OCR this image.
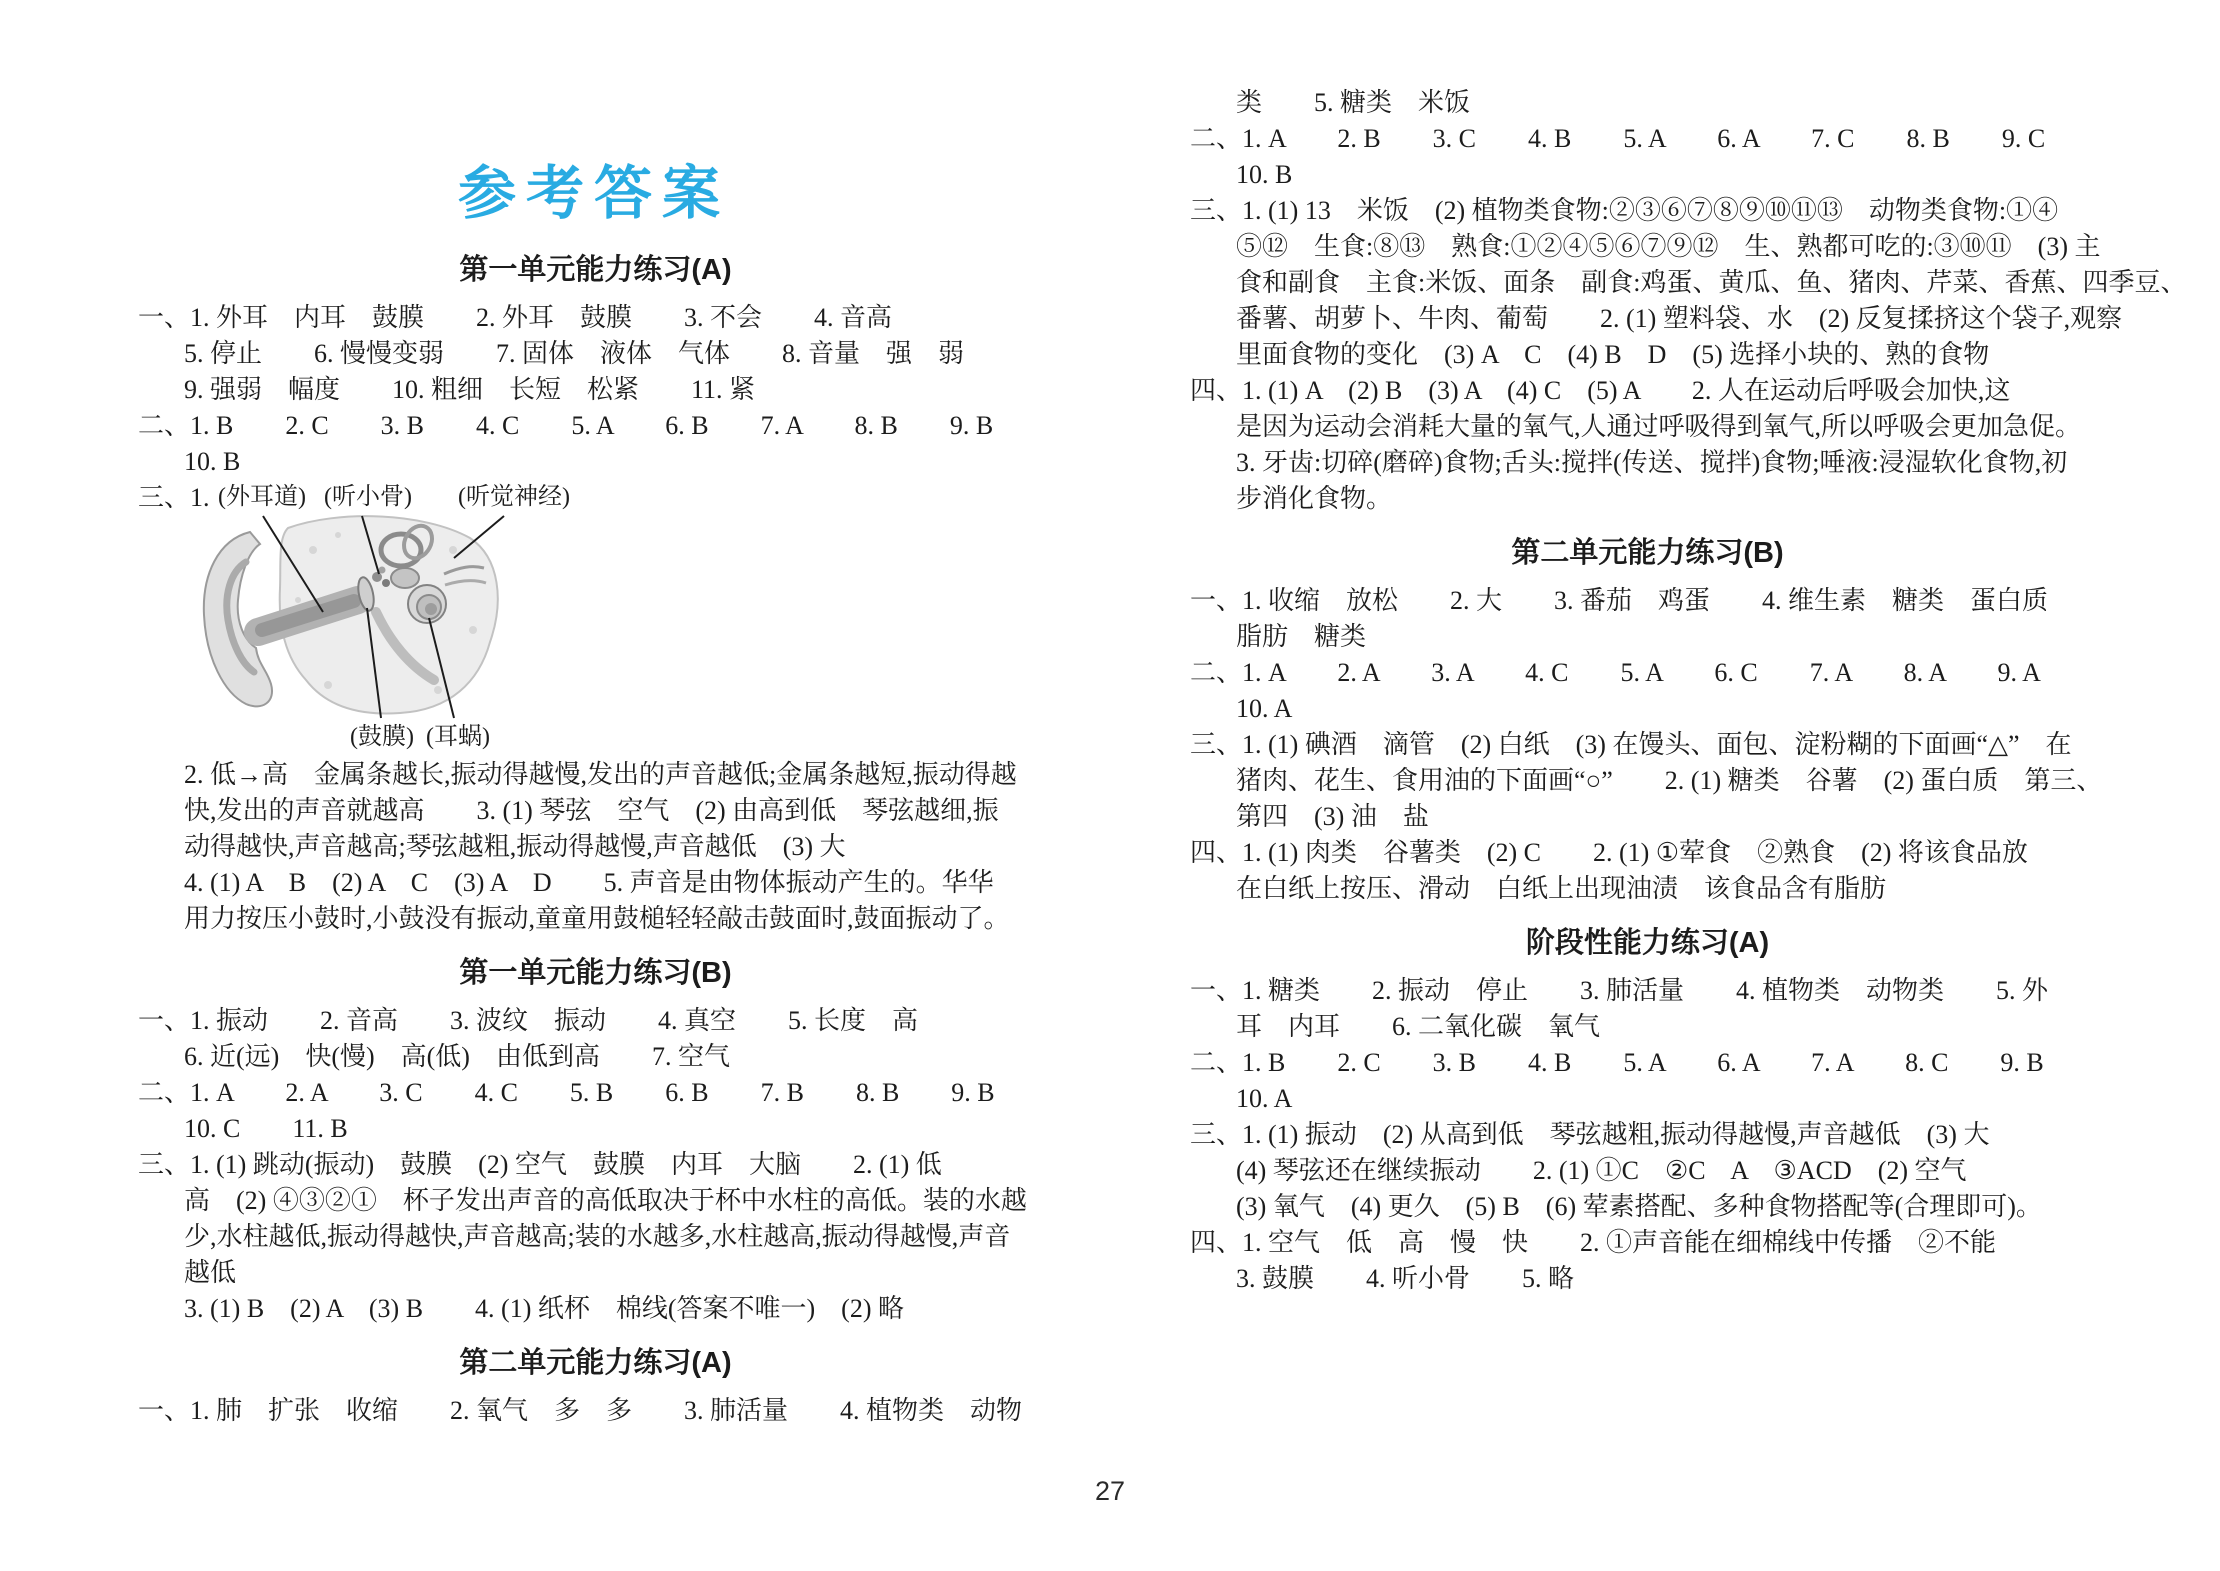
参考答案
第一单元能力练习(A)
一、1. 外耳    内耳    鼓膜        2. 外耳    鼓膜        3. 不会        4. 音高
5. 停止        6. 慢慢变弱        7. 固体    液体    气体        8. 音量    强    弱
9. 强弱    幅度        10. 粗细    长短    松紧        11. 紧
二、1. B        2. C        3. B        4. C        5. A        6. B        7. A        8. B        9. B
10. B
三、1. (外耳道) (听小骨) (听觉神经)
(鼓膜) (耳蜗)
2. 低→高    金属条越长,振动得越慢,发出的声音越低;金属条越短,振动得越
快,发出的声音就越高        3. (1) 琴弦    空气    (2) 由高到低    琴弦越细,振
动得越快,声音越高;琴弦越粗,振动得越慢,声音越低    (3) 大
4. (1) A    B    (2) A    C    (3) A    D        5. 声音是由物体振动产生的。华华
用力按压小鼓时,小鼓没有振动,童童用鼓槌轻轻敲击鼓面时,鼓面振动了。
第一单元能力练习(B)
一、1. 振动        2. 音高        3. 波纹    振动        4. 真空        5. 长度    高
6. 近(远)    快(慢)    高(低)    由低到高        7. 空气
二、1. A        2. A        3. C        4. C        5. B        6. B        7. B        8. B        9. B
10. C        11. B
三、1. (1) 跳动(振动)    鼓膜    (2) 空气    鼓膜    内耳    大脑        2. (1) 低
高    (2) ④③②①    杯子发出声音的高低取决于杯中水柱的高低。装的水越
少,水柱越低,振动得越快,声音越高;装的水越多,水柱越高,振动得越慢,声音
越低
3. (1) B    (2) A    (3) B        4. (1) 纸杯    棉线(答案不唯一)    (2) 略
第二单元能力练习(A)
一、1. 肺    扩张    收缩        2. 氧气    多    多        3. 肺活量        4. 植物类    动物
类        5. 糖类    米饭
二、1. A        2. B        3. C        4. B        5. A        6. A        7. C        8. B        9. C
10. B
三、1. (1) 13    米饭    (2) 植物类食物:②③⑥⑦⑧⑨⑩⑪⑬    动物类食物:①④
⑤⑫    生食:⑧⑬    熟食:①②④⑤⑥⑦⑨⑫    生、熟都可吃的:③⑩⑪    (3) 主
食和副食    主食:米饭、面条    副食:鸡蛋、黄瓜、鱼、猪肉、芹菜、香蕉、四季豆、
番薯、胡萝卜、牛肉、葡萄        2. (1) 塑料袋、水    (2) 反复揉挤这个袋子,观察
里面食物的变化    (3) A    C    (4) B    D    (5) 选择小块的、熟的食物
四、1. (1) A    (2) B    (3) A    (4) C    (5) A        2. 人在运动后呼吸会加快,这
是因为运动会消耗大量的氧气,人通过呼吸得到氧气,所以呼吸会更加急促。
3. 牙齿:切碎(磨碎)食物;舌头:搅拌(传送、搅拌)食物;唾液:浸湿软化食物,初
步消化食物。
第二单元能力练习(B)
一、1. 收缩    放松        2. 大        3. 番茄    鸡蛋        4. 维生素    糖类    蛋白质
脂肪    糖类
二、1. A        2. A        3. A        4. C        5. A        6. C        7. A        8. A        9. A
10. A
三、1. (1) 碘酒    滴管    (2) 白纸    (3) 在馒头、面包、淀粉糊的下面画“△”    在
猪肉、花生、食用油的下面画“○”        2. (1) 糖类    谷薯    (2) 蛋白质    第三、
第四    (3) 油    盐
四、1. (1) 肉类    谷薯类    (2) C        2. (1) ①荤食    ②熟食    (2) 将该食品放
在白纸上按压、滑动    白纸上出现油渍    该食品含有脂肪
阶段性能力练习(A)
一、1. 糖类        2. 振动    停止        3. 肺活量        4. 植物类    动物类        5. 外
耳    内耳        6. 二氧化碳    氧气
二、1. B        2. C        3. B        4. B        5. A        6. A        7. A        8. C        9. B
10. A
三、1. (1) 振动    (2) 从高到低    琴弦越粗,振动得越慢,声音越低    (3) 大
(4) 琴弦还在继续振动        2. (1) ①C    ②C    A    ③ACD    (2) 空气
(3) 氧气    (4) 更久    (5) B    (6) 荤素搭配、多种食物搭配等(合理即可)。
四、1. 空气    低    高    慢    快        2. ①声音能在细棉线中传播    ②不能
3. 鼓膜        4. 听小骨        5. 略
27
